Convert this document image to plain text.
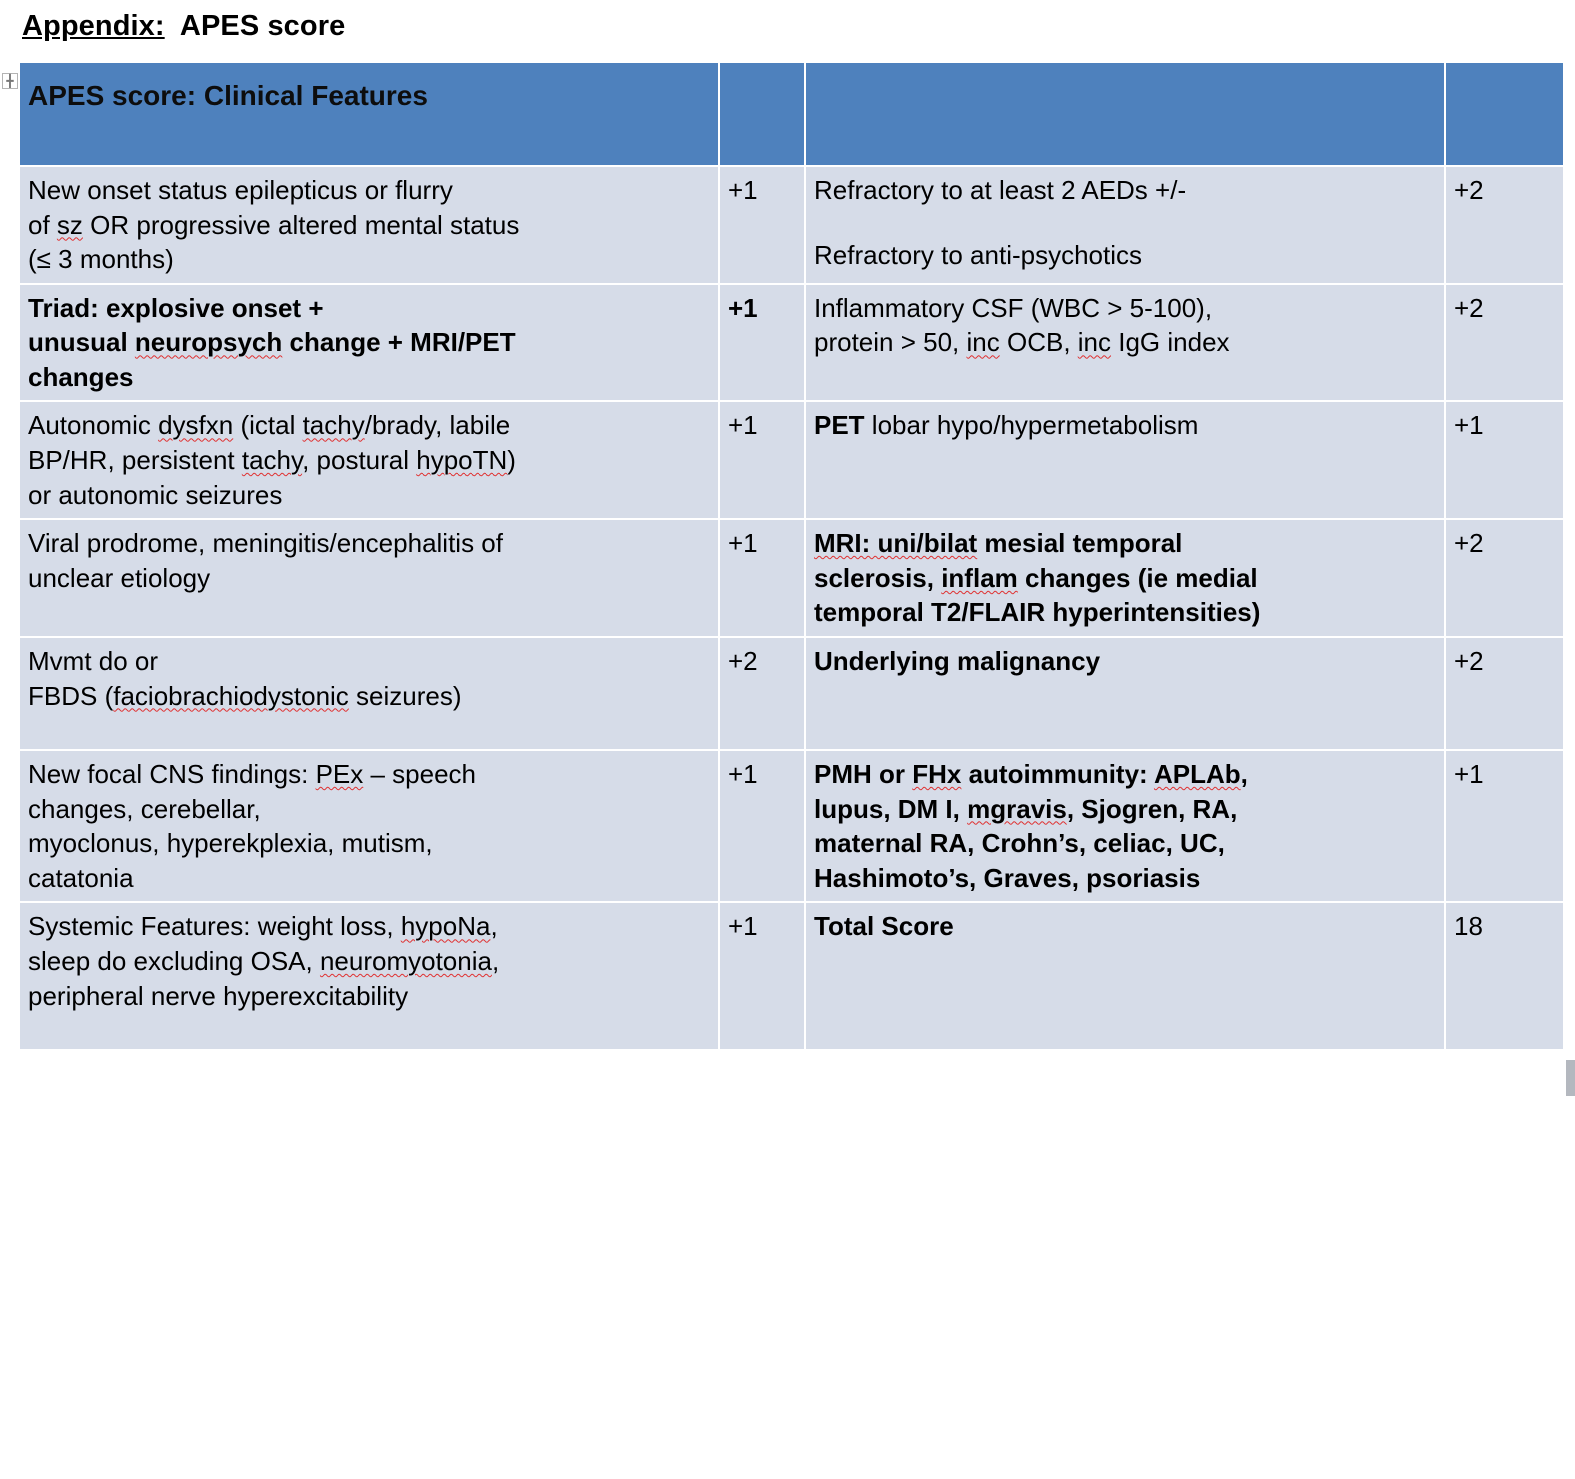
Appendix:  APES score
╋ APES score: Clinical Features			
New onset status epilepticus or flurry
of sz OR progressive altered mental status
(≤ 3 months)	+1	Refractory to at least 2 AEDs +/-
Refractory to anti-psychotics	+2
Triad: explosive onset +
unusual neuropsych change + MRI/PET
changes	+1	Inflammatory CSF (WBC > 5-100),
protein > 50, inc OCB, inc IgG index	+2
Autonomic dysfxn (ictal tachy/brady, labile
BP/HR, persistent tachy, postural hypoTN)
or autonomic seizures	+1	PET lobar hypo/hypermetabolism	+1
Viral prodrome, meningitis/encephalitis of
unclear etiology	+1	MRI: uni/bilat mesial temporal
sclerosis, inflam changes (ie medial
temporal T2/FLAIR hyperintensities)	+2
Mvmt do or
FBDS (faciobrachiodystonic seizures)	+2	Underlying malignancy	+2
New focal CNS findings: PEx – speech
changes, cerebellar,
myoclonus, hyperekplexia, mutism,
catatonia	+1	PMH or FHx autoimmunity: APLAb,
lupus, DM I, mgravis, Sjogren, RA,
maternal RA, Crohn’s, celiac, UC,
Hashimoto’s, Graves, psoriasis	+1
Systemic Features: weight loss, hypoNa,
sleep do excluding OSA, neuromyotonia,
peripheral nerve hyperexcitability	+1	Total Score	18
